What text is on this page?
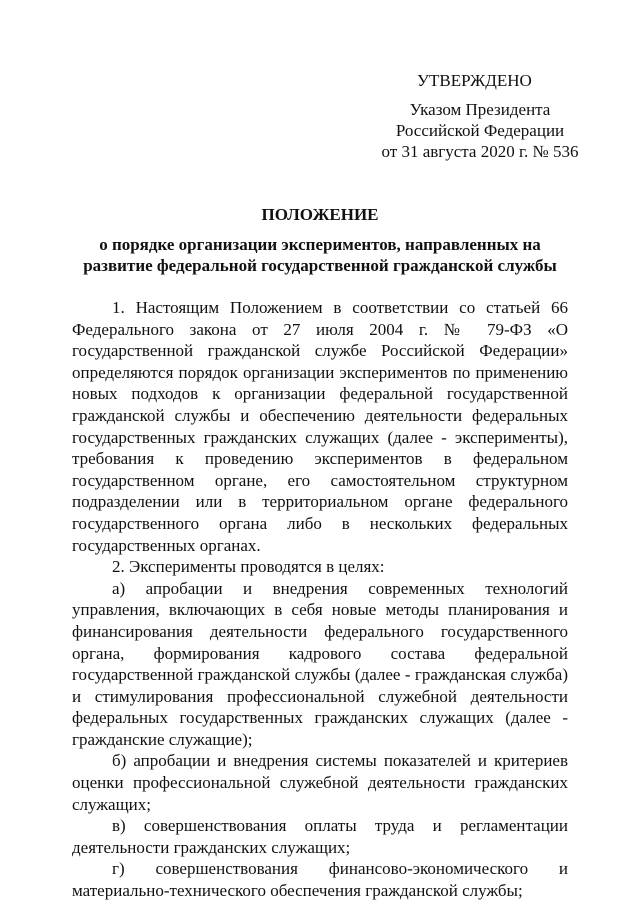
УТВЕРЖДЕНО
Указом Президента
Российской Федерации
от 31 августа 2020 г. № 536
ПОЛОЖЕНИЕ
о порядке организации экспериментов, направленных на развитие федеральной государственной гражданской службы

1. Настоящим Положением в соответствии со статьей 66 Федерального закона от 27 июля 2004 г. № 79-ФЗ «О государственной гражданской службе Российской Федерации» определяются порядок организации экспериментов по применению новых подходов к организации федеральной государственной гражданской службы и обеспечению деятельности федеральных государственных гражданских служащих (далее - эксперименты), требования к проведению экспериментов в федеральном государственном органе, его самостоятельном структурном подразделении или в территориальном органе федерального государственного органа либо в нескольких федеральных государственных органах.

2. Эксперименты проводятся в целях:

а) апробации и внедрения современных технологий управления, включающих в себя новые методы планирования и финансирования деятельности федерального государственного органа, формирования кадрового состава федеральной государственной гражданской службы (далее - гражданская служба) и стимулирования профессиональной служебной деятельности федеральных государственных гражданских служащих (далее - гражданские служащие);

б) апробации и внедрения системы показателей и критериев оценки профессиональной служебной деятельности гражданских служащих;

в) совершенствования оплаты труда и регламентации деятельности гражданских служащих;

г) совершенствования финансово-экономического и материально-технического обеспечения гражданской службы;
